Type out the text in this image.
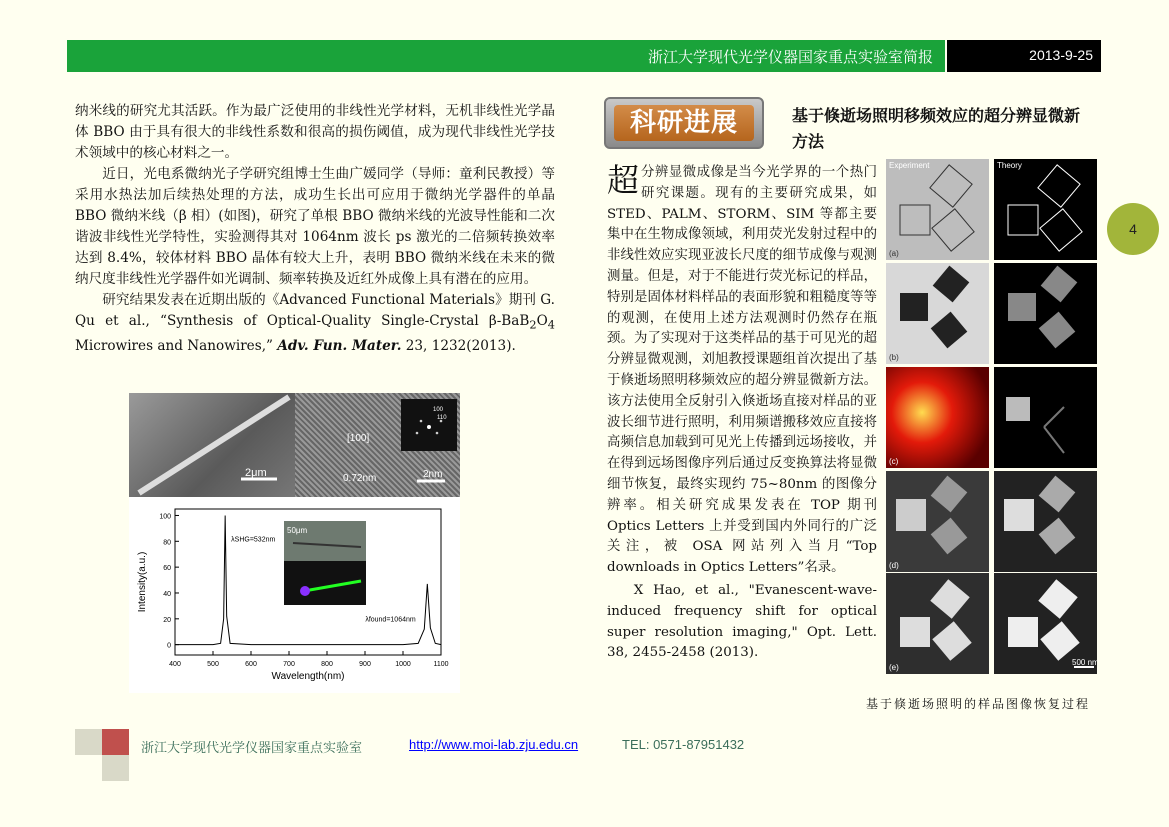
浙江大学现代光学仪器国家重点实验室简报	2013-9-25
4

纳米线的研究尤其活跃。作为最广泛使用的非线性光学材料，无机非线性光学晶体 BBO 由于具有很大的非线性系数和很高的损伤阈值，成为现代非线性光学技术领域中的核心材料之一。

近日，光电系微纳光子学研究组博士生曲广媛同学（导师：童利民教授）等采用水热法加后续热处理的方法，成功生长出可应用于微纳光学器件的单晶 BBO 微纳米线（β 相）(如图)，研究了单根 BBO 微纳米线的光波导性能和二次谐波非线性光学特性，实验测得其对 1064nm 波长 ps 激光的二倍频转换效率达到 8.4%，较体材料 BBO 晶体有较大上升，表明 BBO 微纳米线在未来的微纳尺度非线性光学器件如光调制、频率转换及近红外成像上具有潜在的应用。

研究结果发表在近期出版的《Advanced Functional Materials》期刊 G. Qu et al., “Synthesis of Optical-Quality Single-Crystal $\beta-BaB_2O_4$ Microwires and Nanowires,” Adv. Fun. Mater. 23, 1232(2013).

2μm
[100]
0.72nm	2nm
100
110
50μm
400	500	600	700	800	900	1000	1100
0
20
40
60
80
100
Wavelength(nm)
Intensity(a.u.)
λSHG=532nm
λfound=1064nm
科研进展	基于倏逝场照明移频效应的超分辨显微新方法
超分辨显微成像是当今光学界的一个热门研究课题。现有的主要研究成果，如 STED、PALM、STORM、SIM 等都主要集中在生物成像领域，利用荧光发射过程中的非线性效应实现亚波长尺度的细节成像与观测测量。但是，对于不能进行荧光标记的样品，特别是固体材料样品的表面形貌和粗糙度等等的观测，在使用上述方法观测时仍然存在瓶颈。为了实现对于这类样品的基于可见光的超分辨显微观测，刘旭教授课题组首次提出了基于倏逝场照明移频效应的超分辨显微新方法。该方法使用全反射引入倏逝场直接对样品的亚波长细节进行照明，利用频谱搬移效应直接将高频信息加载到可见光上传播到远场接收，并在得到远场图像序列后通过反变换算法将显微细节恢复，最终实现约 75~80nm 的图像分辨率。相关研究成果发表在 TOP 期刊 Optics Letters 上并受到国内外同行的广泛关注，被 OSA 网站列入当月“Top downloads in Optics Letters”名录。

X Hao, et al., "Evanescent-wave-induced frequency shift for optical super resolution imaging," Opt. Lett. 38, 2455-2458 (2013).

Experiment
(a)
Theory
(b)
(c)
(d)
(e)
500 nm
基于倏逝场照明的样品图像恢复过程
浙江大学现代光学仪器国家重点实验室	http://www.moi-lab.zju.edu.cn	TEL: 0571-87951432
